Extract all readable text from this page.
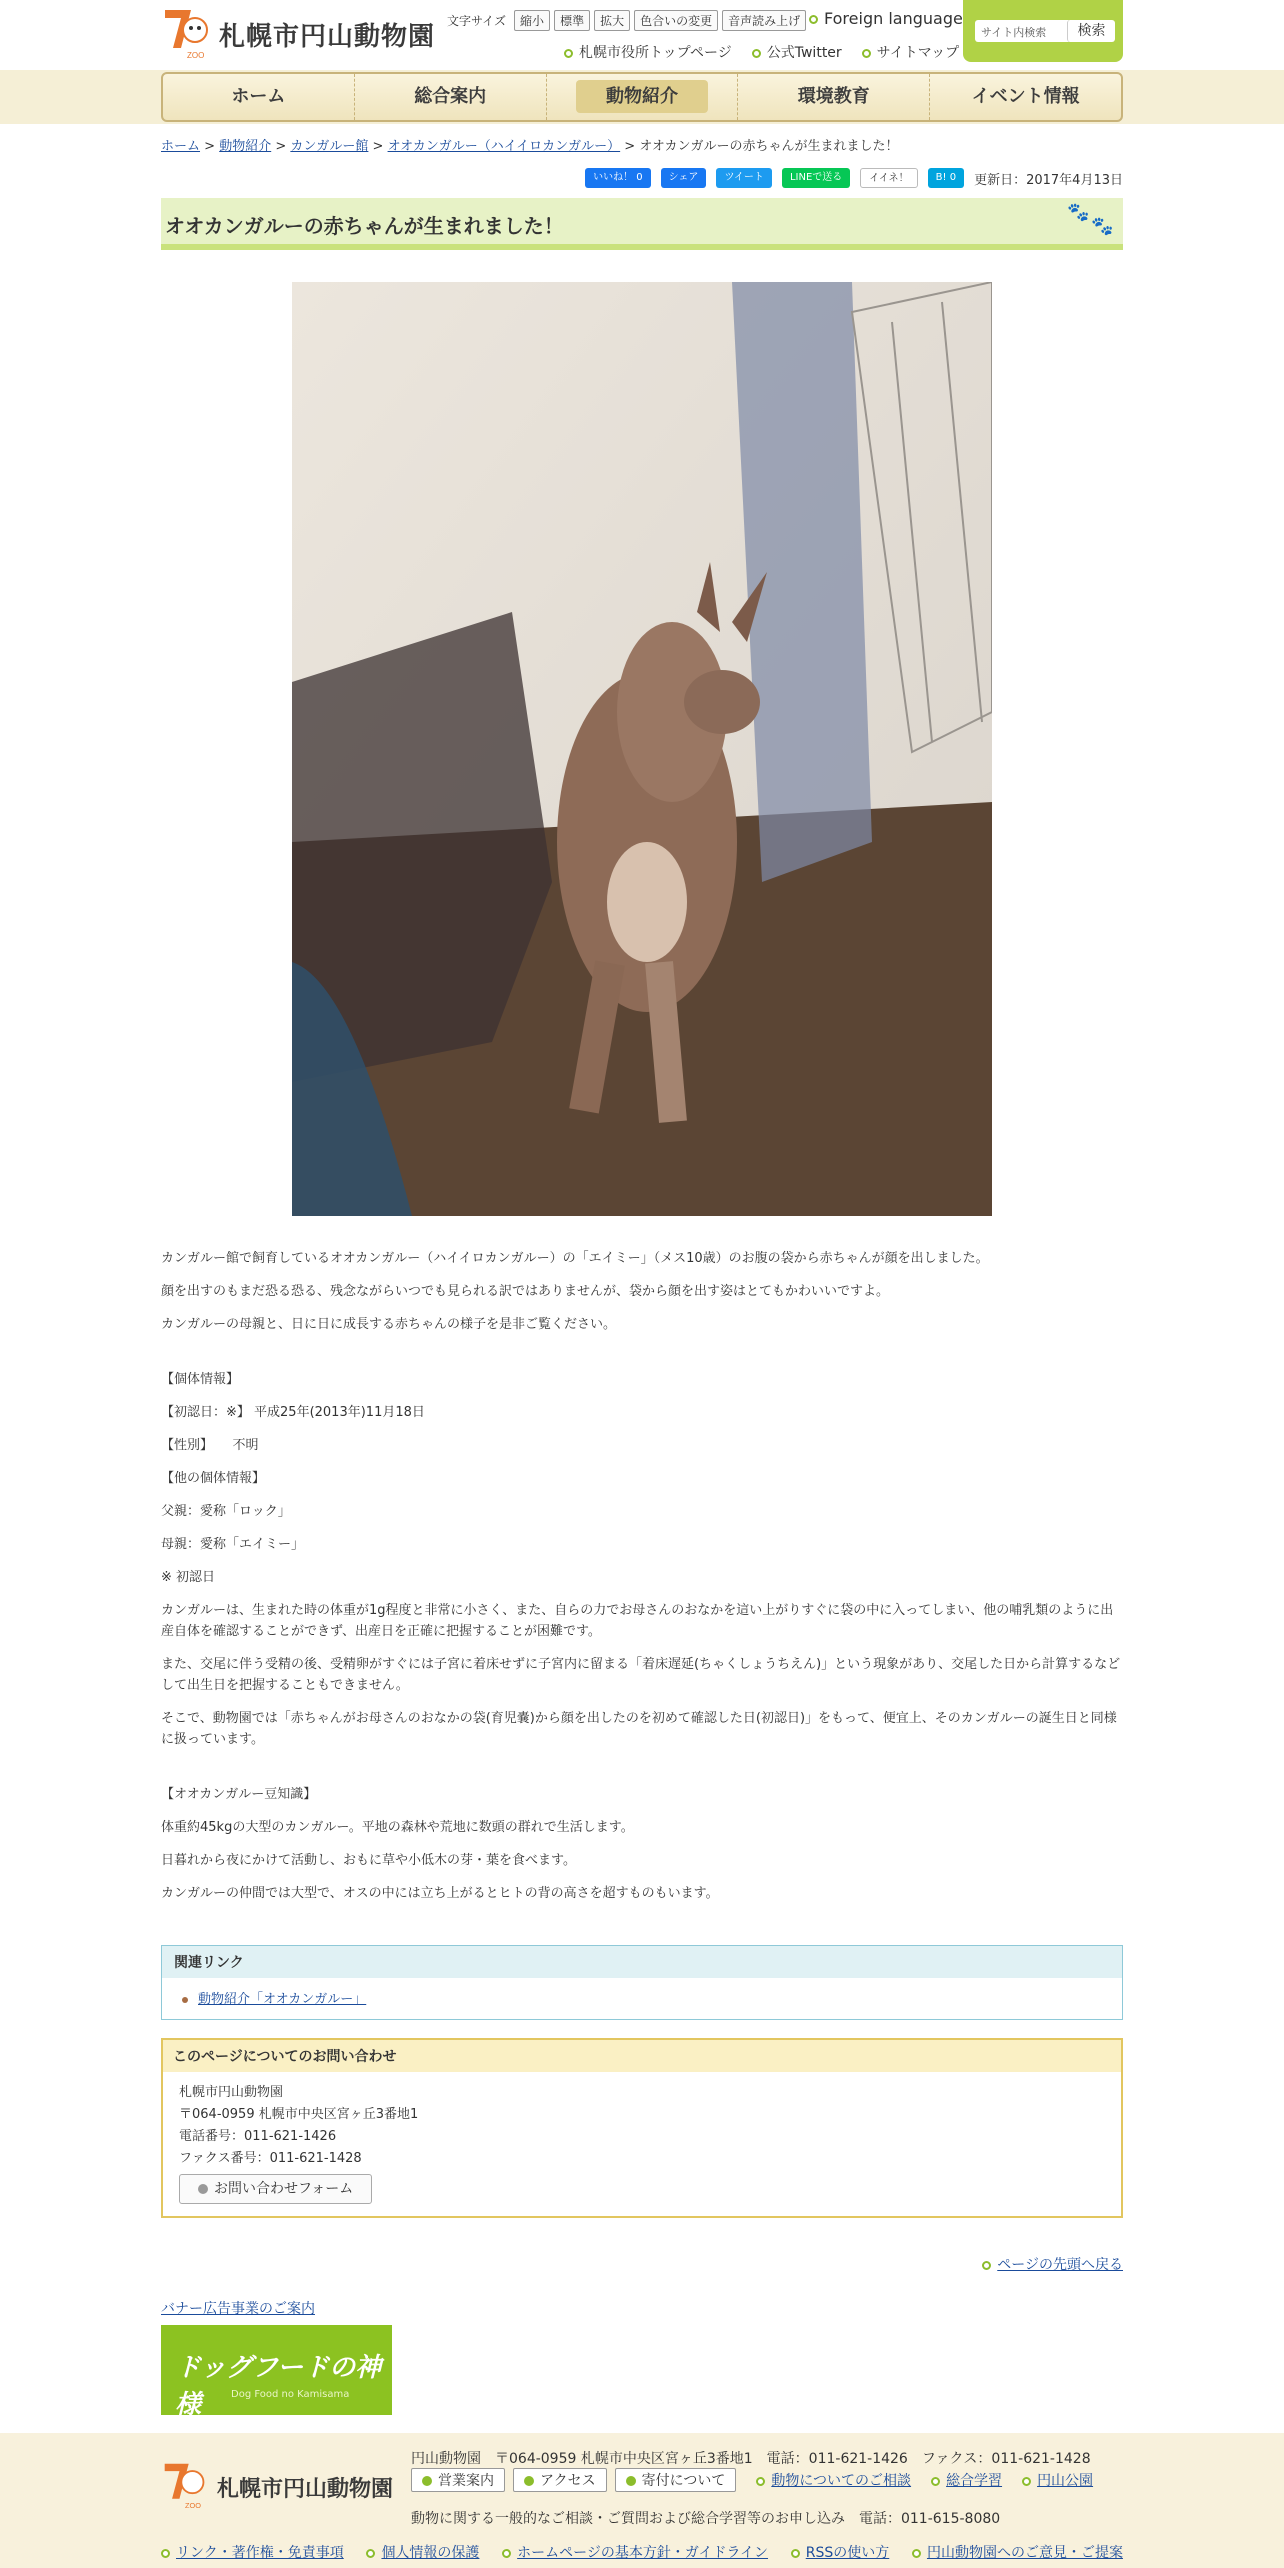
ZOO
札幌市円山動物園
文字サイズ	縮小	標準	拡大	色合いの変更	音声読み上げ	Foreign language
札幌市役所トップページ	公式Twitter	サイトマップ
サイト内検索	検索
ホーム	総合案内	動物紹介	環境教育	イベント情報
ホーム > 動物紹介 > カンガルー館 > オオカンガルー（ハイイロカンガルー） > オオカンガルーの赤ちゃんが生まれました！
いいね！ 0	シェア	ツイート	LINEで送る	イイネ！	B! 0	更新日：2017年4月13日
オオカンガルーの赤ちゃんが生まれました！
🐾
🐾

カンガルー館で飼育しているオオカンガルー（ハイイロカンガルー）の「エイミー」（メス10歳）のお腹の袋から赤ちゃんが顔を出しました。

顔を出すのもまだ恐る恐る、残念ながらいつでも見られる訳ではありませんが、袋から顔を出す姿はとてもかわいいですよ。

カンガルーの母親と、日に日に成長する赤ちゃんの様子を是非ご覧ください。

【個体情報】

【初認日：※】 平成25年(2013年)11月18日

【性別】　　不明

【他の個体情報】

父親：愛称「ロック」

母親：愛称「エイミー」

※ 初認日

カンガルーは、生まれた時の体重が1g程度と非常に小さく、また、自らの力でお母さんのおなかを這い上がりすぐに袋の中に入ってしまい、他の哺乳類のように出産自体を確認することができず、出産日を正確に把握することが困難です。

また、交尾に伴う受精の後、受精卵がすぐには子宮に着床せずに子宮内に留まる「着床遅延(ちゃくしょうちえん)」という現象があり、交尾した日から計算するなどして出生日を把握することもできません。

そこで、動物園では「赤ちゃんがお母さんのおなかの袋(育児嚢)から顔を出したのを初めて確認した日(初認日)」をもって、便宜上、そのカンガルーの誕生日と同様に扱っています。

【オオカンガルー豆知識】

体重約45kgの大型のカンガルー。平地の森林や荒地に数頭の群れで生活します。

日暮れから夜にかけて活動し、おもに草や小低木の芽・葉を食べます。

カンガルーの仲間では大型で、オスの中には立ち上がるとヒトの背の高さを超すものもいます。

関連リンク
動物紹介「オオカンガルー」
このページについてのお問い合わせ
札幌市円山動物園
〒064-0959 札幌市中央区宮ヶ丘3番地1
電話番号：011-621-1426
ファクス番号：011-621-1428
お問い合わせフォーム
ページの先頭へ戻る
バナー広告事業のご案内
ドッグフードの神様	Dog Food no Kamisama
ZOO
札幌市円山動物園
円山動物園　〒064-0959 札幌市中央区宮ヶ丘3番地1　電話：011-621-1426　ファクス：011-621-1428
営業案内	アクセス	寄付について	動物についてのご相談	総合学習	円山公園
動物に関する一般的なご相談・ご質問および総合学習等のお申し込み　電話：011-615-8080
リンク・著作権・免責事項	個人情報の保護	ホームページの基本方針・ガイドライン	RSSの使い方	円山動物園へのご意見・ご提案
